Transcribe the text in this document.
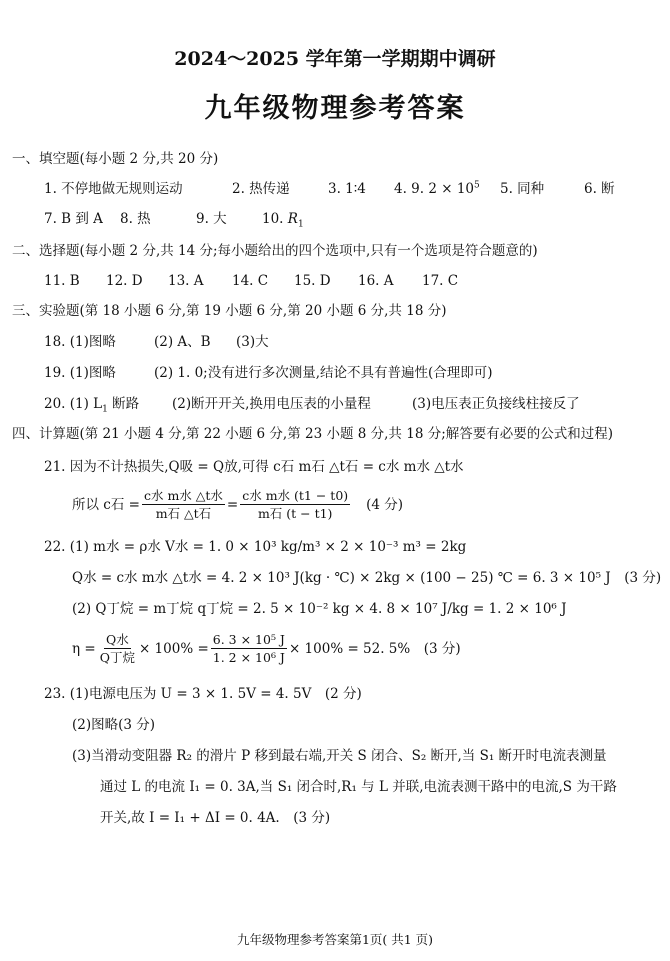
2024～2025 学年第一学期期中调研
九年级物理参考答案
一、填空题(每小题 2 分,共 20 分)
1. 不停地做无规则运动	2. 热传递	3. 1∶4 4. 9. $2 \times 10^5$ 5. 同种	6. 断
7. B 到 A 8. 热	9. 大	10. $R_1$
二、选择题(每小题 2 分,共 14 分;每小题给出的四个选项中,只有一个选项是符合题意的)
11. B 12. D 13. A 14. C 15. D 16. A 17. C
三、实验题(第 18 小题 6 分,第 19 小题 6 分,第 20 小题 6 分,共 18 分)
18. (1)图略	(2) A、B (3)大
19. (1)图略	(2) 1. 0;没有进行多次测量,结论不具有普遍性(合理即可)
20. (1) $L_1$ 断路 (2)断开开关,换用电压表的小量程	(3)电压表正负接线柱接反了
四、计算题(第 21 小题 4 分,第 22 小题 6 分,第 23 小题 8 分,共 18 分;解答要有必要的公式和过程)
21. 因为不计热损失,Q吸 = Q放,可得 c石 m石 △t石 = c水 m水 △t水
所以 c石 = $\frac{\text{c水 m水 △t水}}{\text{m石 △t石}} = \frac{\text{c水 m水 (t1 − t0)}}{\text{m石 (t − t1)}} (4$ 分)
22. (1) m水 = ρ水 V水 = 1. 0 × 10³ kg/m³ × 2 × 10⁻³ m³ = 2kg
Q水 = c水 m水 △t水 = 4. 2 × 10³ J(kg · ℃) × 2kg × (100 − 25) ℃ = 6. 3 × 10⁵ J　(3 分)
(2) Q丁烷 = m丁烷 q丁烷 = 2. 5 × 10⁻² kg × 4. 8 × 10⁷ J/kg = 1. 2 × 10⁶ J
$\eta = \frac{\text{Q水}}{\text{Q丁烷}} \times 100\% = \frac{\text{6. 3 × 10⁵ J}}{\text{1. 2 × 10⁶ J}} \times 100\% = 52$. 5%　(3 分)
23. (1)电源电压为 U = 3 × 1. 5V = 4. 5V　(2 分)
(2)图略(3 分)
(3)当滑动变阻器 R₂ 的滑片 P 移到最右端,开关 S 闭合、S₂ 断开,当 S₁ 断开时电流表测量
通过 L 的电流 I₁ = 0. 3A,当 S₁ 闭合时,R₁ 与 L 并联,电流表测干路中的电流,S 为干路
开关,故 I = I₁ + ΔI = 0. 4A.　(3 分)
九年级物理参考答案第1页( 共1 页)
